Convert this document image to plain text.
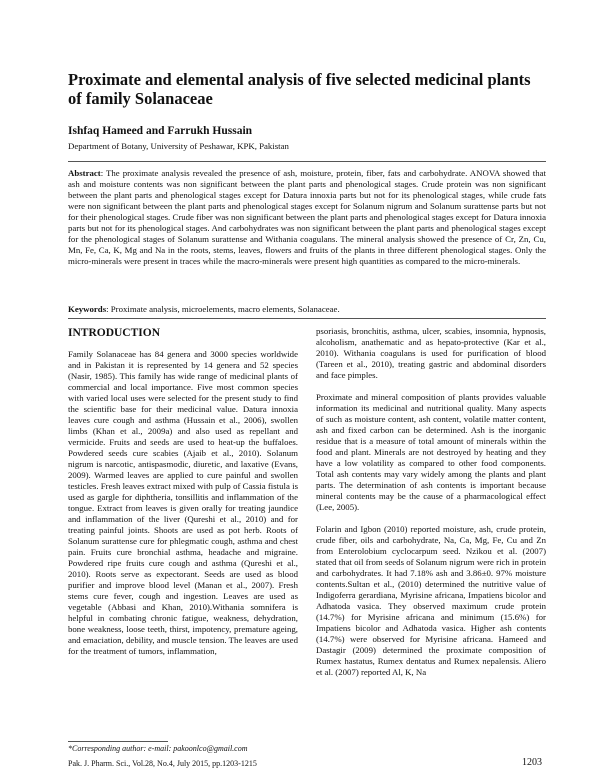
Proximate and elemental analysis of five selected medicinal plants of family Solanaceae

Ishfaq Hameed and Farrukh Hussain

Department of Botany, University of Peshawar, KPK, Pakistan

Abstract: The proximate analysis revealed the presence of ash, moisture, protein, fiber, fats and carbohydrate. ANOVA showed that ash and moisture contents was non significant between the plant parts and phenological stages. Crude protein was non significant between the plant parts and phenological stages except for Datura innoxia parts but not for its phenological stages, while crude fats were non significant between the plant parts and phenological stages except for Solanum nigrum and Solanum surattense parts but not for their phenological stages. Crude fiber was non significant between the plant parts and phenological stages except for Datura innoxia parts but not for its phenological stages. And carbohydrates was non significant between the plant parts and phenological stages except for the phenological stages of Solanum surattense and Withania coagulans. The mineral analysis showed the presence of Cr, Zn, Cu, Mn, Fe, Ca, K, Mg and Na in the roots, stems, leaves, flowers and fruits of the plants in three different phenological stages. Only the micro-minerals were present in traces while the macro-minerals were present high quantities as compared to the micro-minerals.

Keywords: Proximate analysis, microelements, macro elements, Solanaceae.

INTRODUCTION

Family Solanaceae has 84 genera and 3000 species worldwide and in Pakistan it is represented by 14 genera and 52 species (Nasir, 1985). This family has wide range of medicinal plants of commercial and local importance. Five most common species with varied local uses were selected for the present study to find the scientific base for their medicinal value. Datura innoxia leaves cure cough and asthma (Hussain et al., 2006), swollen limbs (Khan et al., 2009a) and also used as repellant and vermicide. Fruits and seeds are used to heat-up the buffaloes. Powdered seeds cure scabies (Ajaib et al., 2010). Solanum nigrum is narcotic, antispasmodic, diuretic, and laxative (Evans, 2009). Warmed leaves are applied to cure painful and swollen testicles. Fresh leaves extract mixed with pulp of Cassia fistula is used as gargle for diphtheria, tonsillitis and inflammation of the tongue. Extract from leaves is given orally for treating jaundice and inflammation of the liver (Qureshi et al., 2010) and for treating painful joints. Shoots are used as pot herb. Roots of Solanum surattense cure for phlegmatic cough, asthma and chest pain. Fruits cure bronchial asthma, headache and migraine. Powdered ripe fruits cure cough and asthma (Qureshi et al., 2010). Roots serve as expectorant. Seeds are used as blood purifier and improve blood level (Manan et al., 2007). Fresh stems cure fever, cough and ingestion. Leaves are used as vegetable (Abbasi and Khan, 2010).Withania somnifera is helpful in combating chronic fatigue, weakness, dehydration, bone weakness, loose teeth, thirst, impotency, premature ageing, and emaciation, debility, and muscle tension. The leaves are used for the treatment of tumors, inflammation,

psoriasis, bronchitis, asthma, ulcer, scabies, insomnia, hypnosis, alcoholism, anathematic and as hepato-protective (Kar et al., 2010). Withania coagulans is used for purification of blood (Tareen et al., 2010), treating gastric and abdominal disorders and face pimples.

Proximate and mineral composition of plants provides valuable information its medicinal and nutritional quality. Many aspects of such as moisture content, ash content, volatile matter content, ash and fixed carbon can be determined. Ash is the inorganic residue that is a measure of total amount of minerals within the food and plant. Minerals are not destroyed by heating and they have a low volatility as compared to other food components. Total ash contents may vary widely among the plants and plant parts. The determination of ash contents is important because mineral contents may be the cause of a pharmacological effect (Lee, 2005).

Folarin and Igbon (2010) reported moisture, ash, crude protein, crude fiber, oils and carbohydrate, Na, Ca, Mg, Fe, Cu and Zn from Enterolobium cyclocarpum seed. Nzikou et al. (2007) stated that oil from seeds of Solanum nigrum were rich in protein and carbohydrates. It had 7.18% ash and 3.86±0. 97% moisture contents.Sultan et al., (2010) determined the nutritive value of Indigoferra gerardiana, Myrisine africana, Impatiens bicolor and Adhatoda vasica. They observed maximum crude protein (14.7%) for Myrisine africana and minimum (15.6%) for Impatiens bicolor and Adhatoda vasica. Higher ash contents (14.7%) were observed for Myrisine africana. Hameed and Dastagir (2009) determined the proximate composition of Rumex hastatus, Rumex dentatus and Rumex nepalensis. Aliero et al. (2007) reported Al, K, Na

*Corresponding author: e-mail: pakoonlco@gmail.com

Pak. J. Pharm. Sci., Vol.28, No.4, July 2015, pp.1203-1215	1203
